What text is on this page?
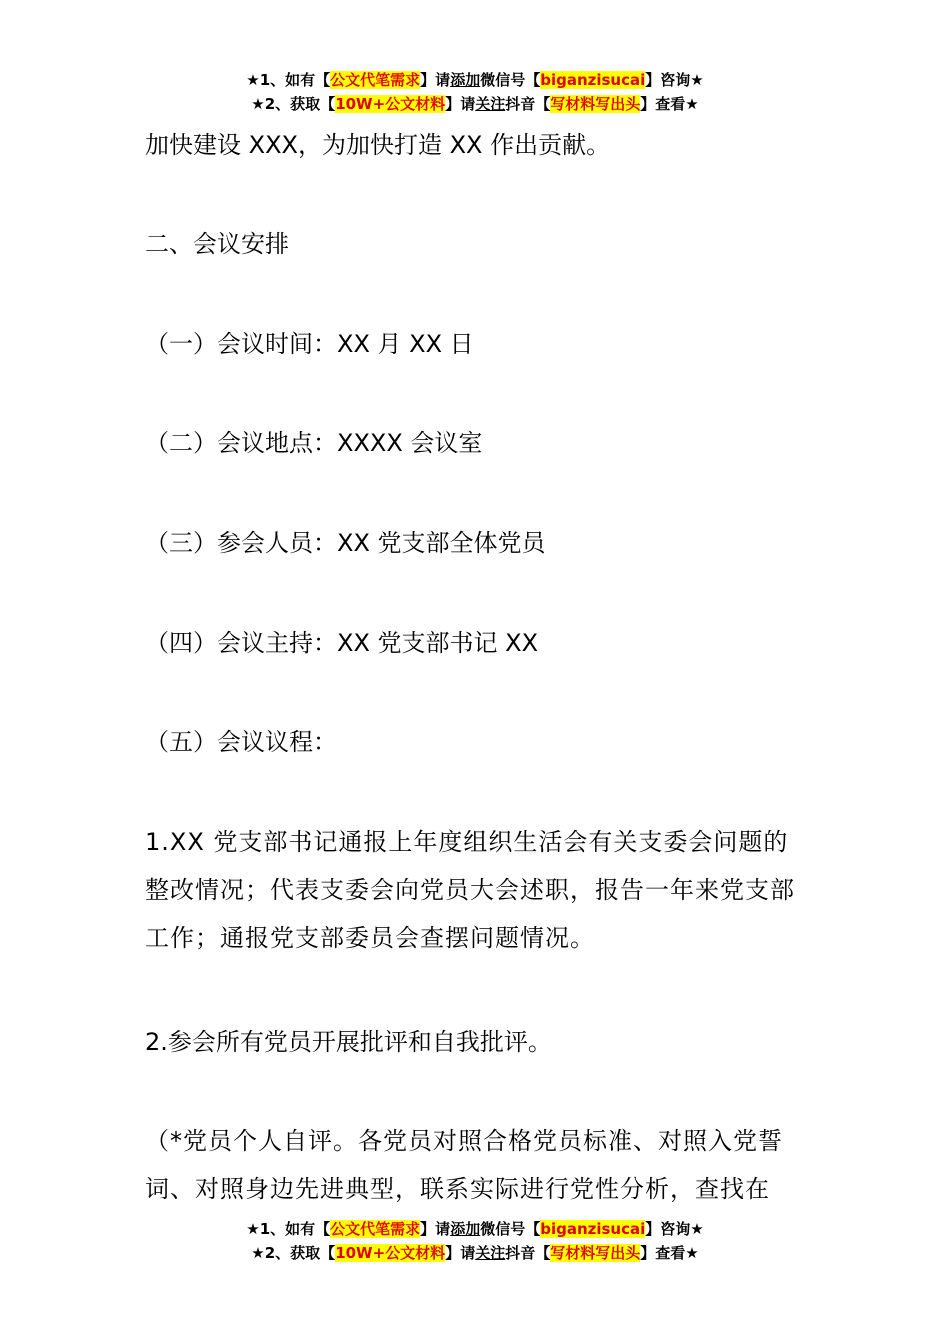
★1、如有【公文代笔需求】请添加微信号【biganzisucai】咨询★
★2、获取【10W+公文材料】请关注抖音【写材料写出头】查看★
加快建设 XXX，为加快打造 XX 作出贡献。
二、会议安排
（一）会议时间：XX 月 XX 日
（二）会议地点：XXXX 会议室
（三）参会人员：XX 党支部全体党员
（四）会议主持：XX 党支部书记 XX
（五）会议议程：
1.XX 党支部书记通报上年度组织生活会有关支委会问题的整改情况；代表支委会向党员大会述职，报告一年来党支部工作；通报党支部委员会查摆问题情况。
2.参会所有党员开展批评和自我批评。
（*党员个人自评。各党员对照合格党员标准、对照入党誓词、对照身边先进典型，联系实际进行党性分析，查找在
★1、如有【公文代笔需求】请添加微信号【biganzisucai】咨询★
★2、获取【10W+公文材料】请关注抖音【写材料写出头】查看★
